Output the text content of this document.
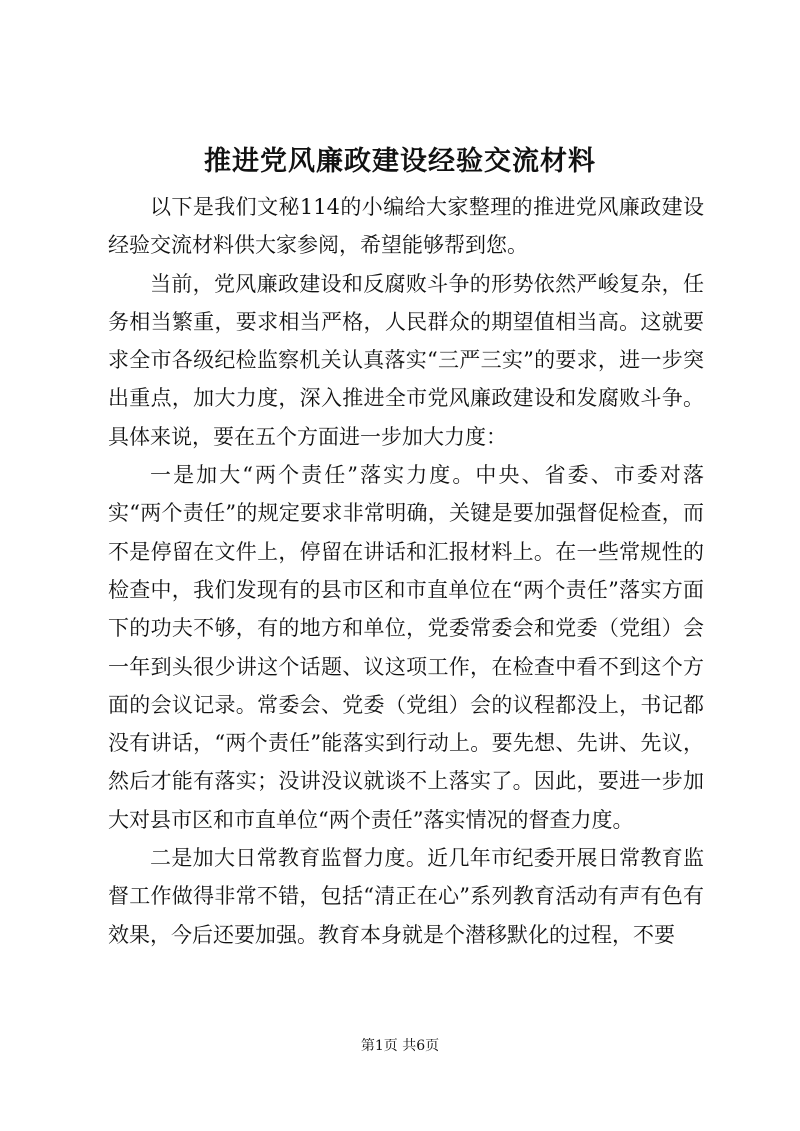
推进党风廉政建设经验交流材料

以下是我们文秘114的小编给大家整理的推进党风廉政建设经验交流材料供大家参阅，希望能够帮到您。

当前，党风廉政建设和反腐败斗争的形势依然严峻复杂，任务相当繁重，要求相当严格，人民群众的期望值相当高。这就要求全市各级纪检监察机关认真落实“三严三实”的要求，进一步突出重点，加大力度，深入推进全市党风廉政建设和发腐败斗争。具体来说，要在五个方面进一步加大力度：

一是加大“两个责任”落实力度。中央、省委、市委对落实“两个责任”的规定要求非常明确，关键是要加强督促检查，而不是停留在文件上，停留在讲话和汇报材料上。在一些常规性的检查中，我们发现有的县市区和市直单位在“两个责任”落实方面下的功夫不够，有的地方和单位，党委常委会和党委（党组）会一年到头很少讲这个话题、议这项工作，在检查中看不到这个方面的会议记录。常委会、党委（党组）会的议程都没上，书记都没有讲话，“两个责任”能落实到行动上。要先想、先讲、先议，然后才能有落实；没讲没议就谈不上落实了。因此，要进一步加大对县市区和市直单位“两个责任”落实情况的督查力度。

二是加大日常教育监督力度。近几年市纪委开展日常教育监督工作做得非常不错，包括“清正在心”系列教育活动有声有色有效果，今后还要加强。教育本身就是个潜移默化的过程，不要

第1页 共6页
